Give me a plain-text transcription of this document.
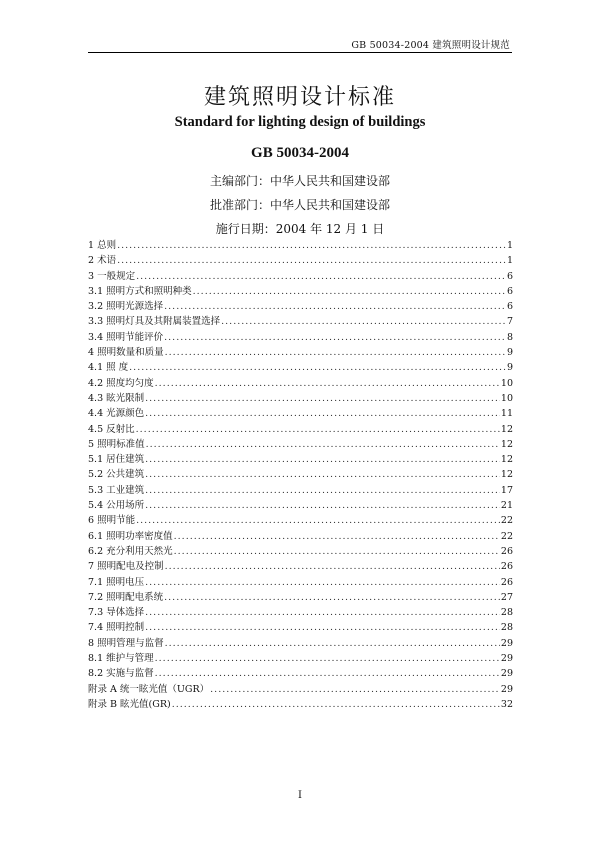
GB 50034-2004 建筑照明设计规范
建筑照明设计标准
Standard for lighting design of buildings
GB 50034-2004
主编部门：中华人民共和国建设部
批准部门：中华人民共和国建设部
施行日期：2004 年 12 月 1 日
1 总则 .....	1
2 术语 .....	1
3 一般规定 .....	6
3.1 照明方式和照明种类 .....	6
3.2 照明光源选择 .....	6
3.3 照明灯具及其附属装置选择 .....	7
3.4 照明节能评价 .....	8
4 照明数量和质量 .....	9
4.1 照 度 .....	9
4.2 照度均匀度 .....	10
4.3 眩光限制 .....	10
4.4 光源颜色 .....	11
4.5 反射比 .....	12
5 照明标准值 .....	12
5.1 居住建筑 .....	12
5.2 公共建筑 .....	12
5.3 工业建筑 .....	17
5.4 公用场所 .....	21
6 照明节能 .....	22
6.1 照明功率密度值 .....	22
6.2 充分利用天然光 .....	26
7 照明配电及控制 .....	26
7.1 照明电压 .....	26
7.2 照明配电系统 .....	27
7.3 导体选择 .....	28
7.4 照明控制 .....	28
8 照明管理与监督 .....	29
8.1 维护与管理 .....	29
8.2 实施与监督 .....	29
附录 A 统一眩光值（UGR） .....	29
附录 B 眩光值(GR) .....	32
I
